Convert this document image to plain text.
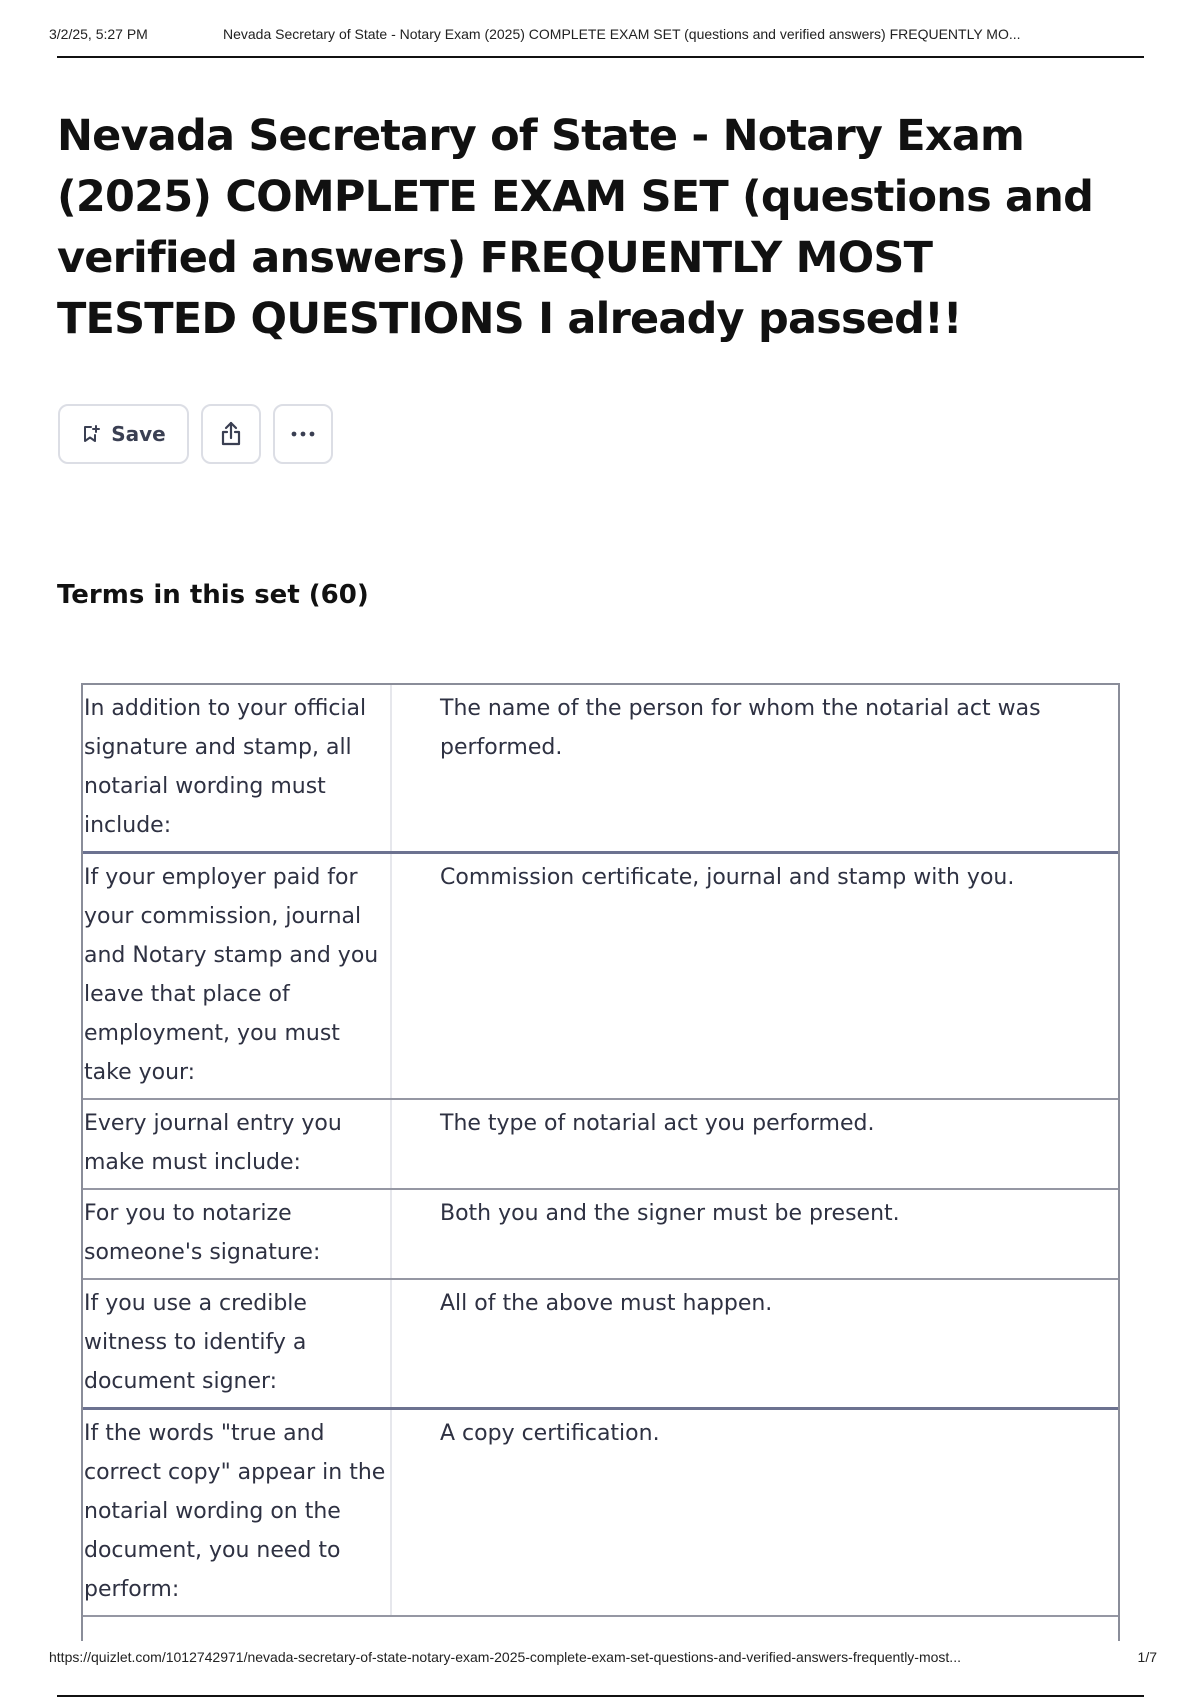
3/2/25, 5:27 PM	Nevada Secretary of State - Notary Exam (2025) COMPLETE EXAM SET (questions and verified answers) FREQUENTLY MO...
Nevada Secretary of State - Notary Exam (2025) COMPLETE EXAM SET (questions and verified answers) FREQUENTLY MOST TESTED QUESTIONS I already passed!!
Save
Terms in this set (60)
In addition to your official signature and stamp, all notarial wording must include:
The name of the person for whom the notarial act was performed.
If your employer paid for your commission, journal and Notary stamp and you leave that place of employment, you must take your:
Commission certificate, journal and stamp with you.
Every journal entry you make must include:
The type of notarial act you performed.
For you to notarize someone's signature:
Both you and the signer must be present.
If you use a credible witness to identify a document signer:
All of the above must happen.
If the words "true and correct copy" appear in the notarial wording on the document, you need to perform:
A copy certification.
https://quizlet.com/1012742971/nevada-secretary-of-state-notary-exam-2025-complete-exam-set-questions-and-verified-answers-frequently-most...	1/7
